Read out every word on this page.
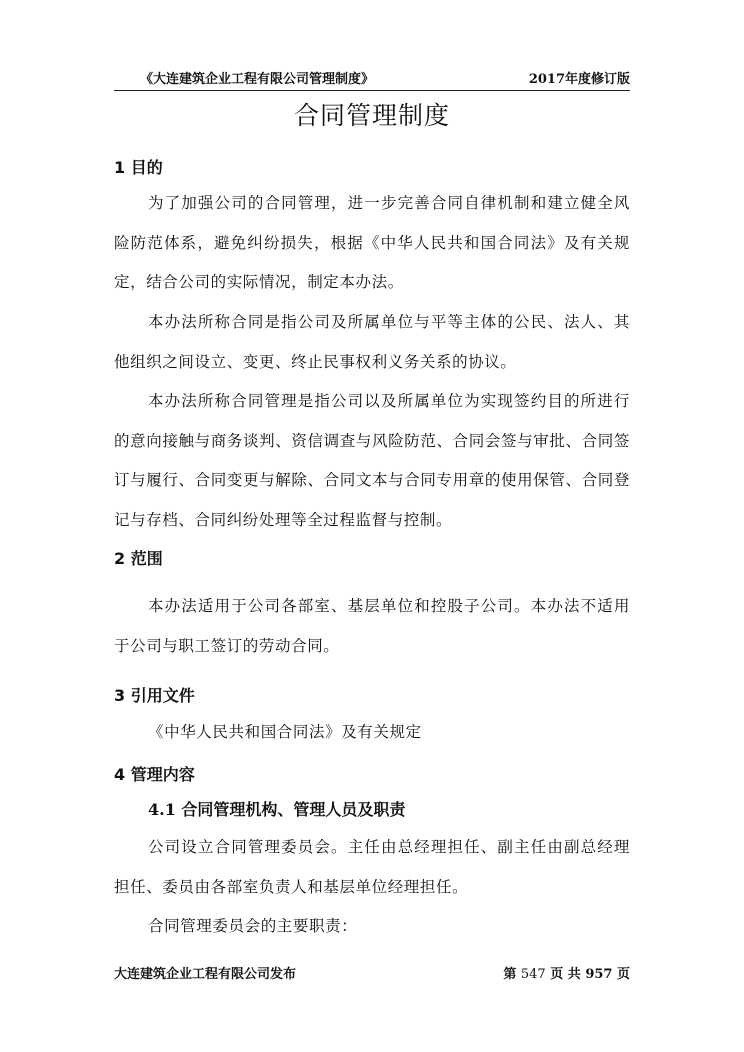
《大连建筑企业工程有限公司管理制度》	2017年度修订版
合同管理制度
1 目的
为了加强公司的合同管理，进一步完善合同自律机制和建立健全风险防范体系，避免纠纷损失，根据《中华人民共和国合同法》及有关规定，结合公司的实际情况，制定本办法。
本办法所称合同是指公司及所属单位与平等主体的公民、法人、其他组织之间设立、变更、终止民事权利义务关系的协议。
本办法所称合同管理是指公司以及所属单位为实现签约目的所进行的意向接触与商务谈判、资信调查与风险防范、合同会签与审批、合同签订与履行、合同变更与解除、合同文本与合同专用章的使用保管、合同登记与存档、合同纠纷处理等全过程监督与控制。
2 范围
本办法适用于公司各部室、基层单位和控股子公司。本办法不适用于公司与职工签订的劳动合同。
3 引用文件
《中华人民共和国合同法》及有关规定
4 管理内容
4.1 合同管理机构、管理人员及职责
公司设立合同管理委员会。主任由总经理担任、副主任由副总经理担任、委员由各部室负责人和基层单位经理担任。
合同管理委员会的主要职责：
大连建筑企业工程有限公司发布	第 547 页 共 957 页
